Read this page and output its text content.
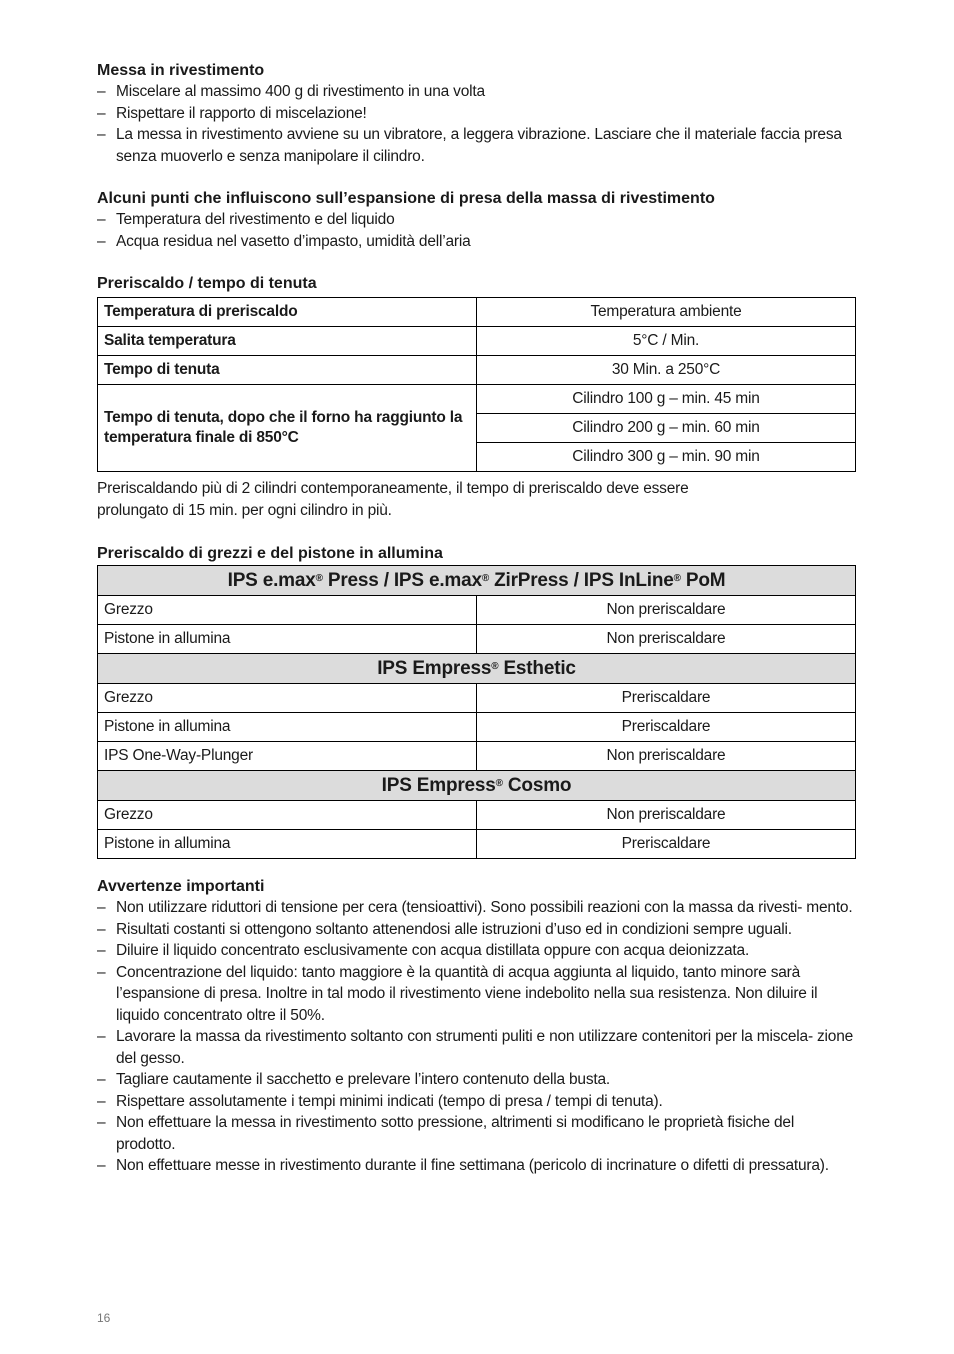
Messa in rivestimento
– Miscelare al massimo 400 g di rivestimento in una volta
– Rispettare il rapporto di miscelazione!
– La messa in rivestimento avviene su un vibratore, a leggera vibrazione. Lasciare che il materiale faccia presa senza muoverlo e senza manipolare il cilindro.
Alcuni punti che influiscono sull’espansione di presa della massa di rivestimento
– Temperatura del rivestimento e del liquido
– Acqua residua nel vasetto d’impasto, umidità dell’aria
Preriscaldo / tempo di tenuta
Temperatura di preriscaldo	Temperatura ambiente
Salita temperatura	5°C / Min.
Tempo di tenuta	30 Min. a 250°C
Tempo di tenuta, dopo che il forno ha raggiunto la temperatura finale di 850°C	Cilindro 100 g – min. 45 min
	Cilindro 200 g – min. 60 min
	Cilindro 300 g – min. 90 min

Preriscaldando più di 2 cilindri contemporaneamente, il tempo di preriscaldo deve essere prolungato di 15 min. per ogni cilindro in più.

Preriscaldo di grezzi e del pistone in allumina
IPS e.max® Press / IPS e.max® ZirPress / IPS InLine® PoM	
Grezzo	Non preriscaldare
Pistone in allumina	Non preriscaldare
IPS Empress® Esthetic	
Grezzo	Preriscaldare
Pistone in allumina	Preriscaldare
IPS One-Way-Plunger	Non preriscaldare
IPS Empress® Cosmo	
Grezzo	Non preriscaldare
Pistone in allumina	Preriscaldare
Avvertenze importanti
– Non utilizzare riduttori di tensione per cera (tensioattivi). Sono possibili reazioni con la massa da rivesti- mento.
– Risultati costanti si ottengono soltanto attenendosi alle istruzioni d’uso ed in condizioni sempre uguali.
– Diluire il liquido concentrato esclusivamente con acqua distillata oppure con acqua deionizzata.
– Concentrazione del liquido: tanto maggiore è la quantità di acqua aggiunta al liquido, tanto minore sarà l’espansione di presa. Inoltre in tal modo il rivestimento viene indebolito nella sua resistenza. Non diluire il liquido concentrato oltre il 50%.
– Lavorare la massa da rivestimento soltanto con strumenti puliti e non utilizzare contenitori per la miscela- zione del gesso.
– Tagliare cautamente il sacchetto e prelevare l’intero contenuto della busta.
– Rispettare assolutamente i tempi minimi indicati (tempo di presa / tempi di tenuta).
– Non effettuare la messa in rivestimento sotto pressione, altrimenti si modificano le proprietà fisiche del prodotto.
– Non effettuare messe in rivestimento durante il fine settimana (pericolo di incrinature o difetti di pressatura).
16
